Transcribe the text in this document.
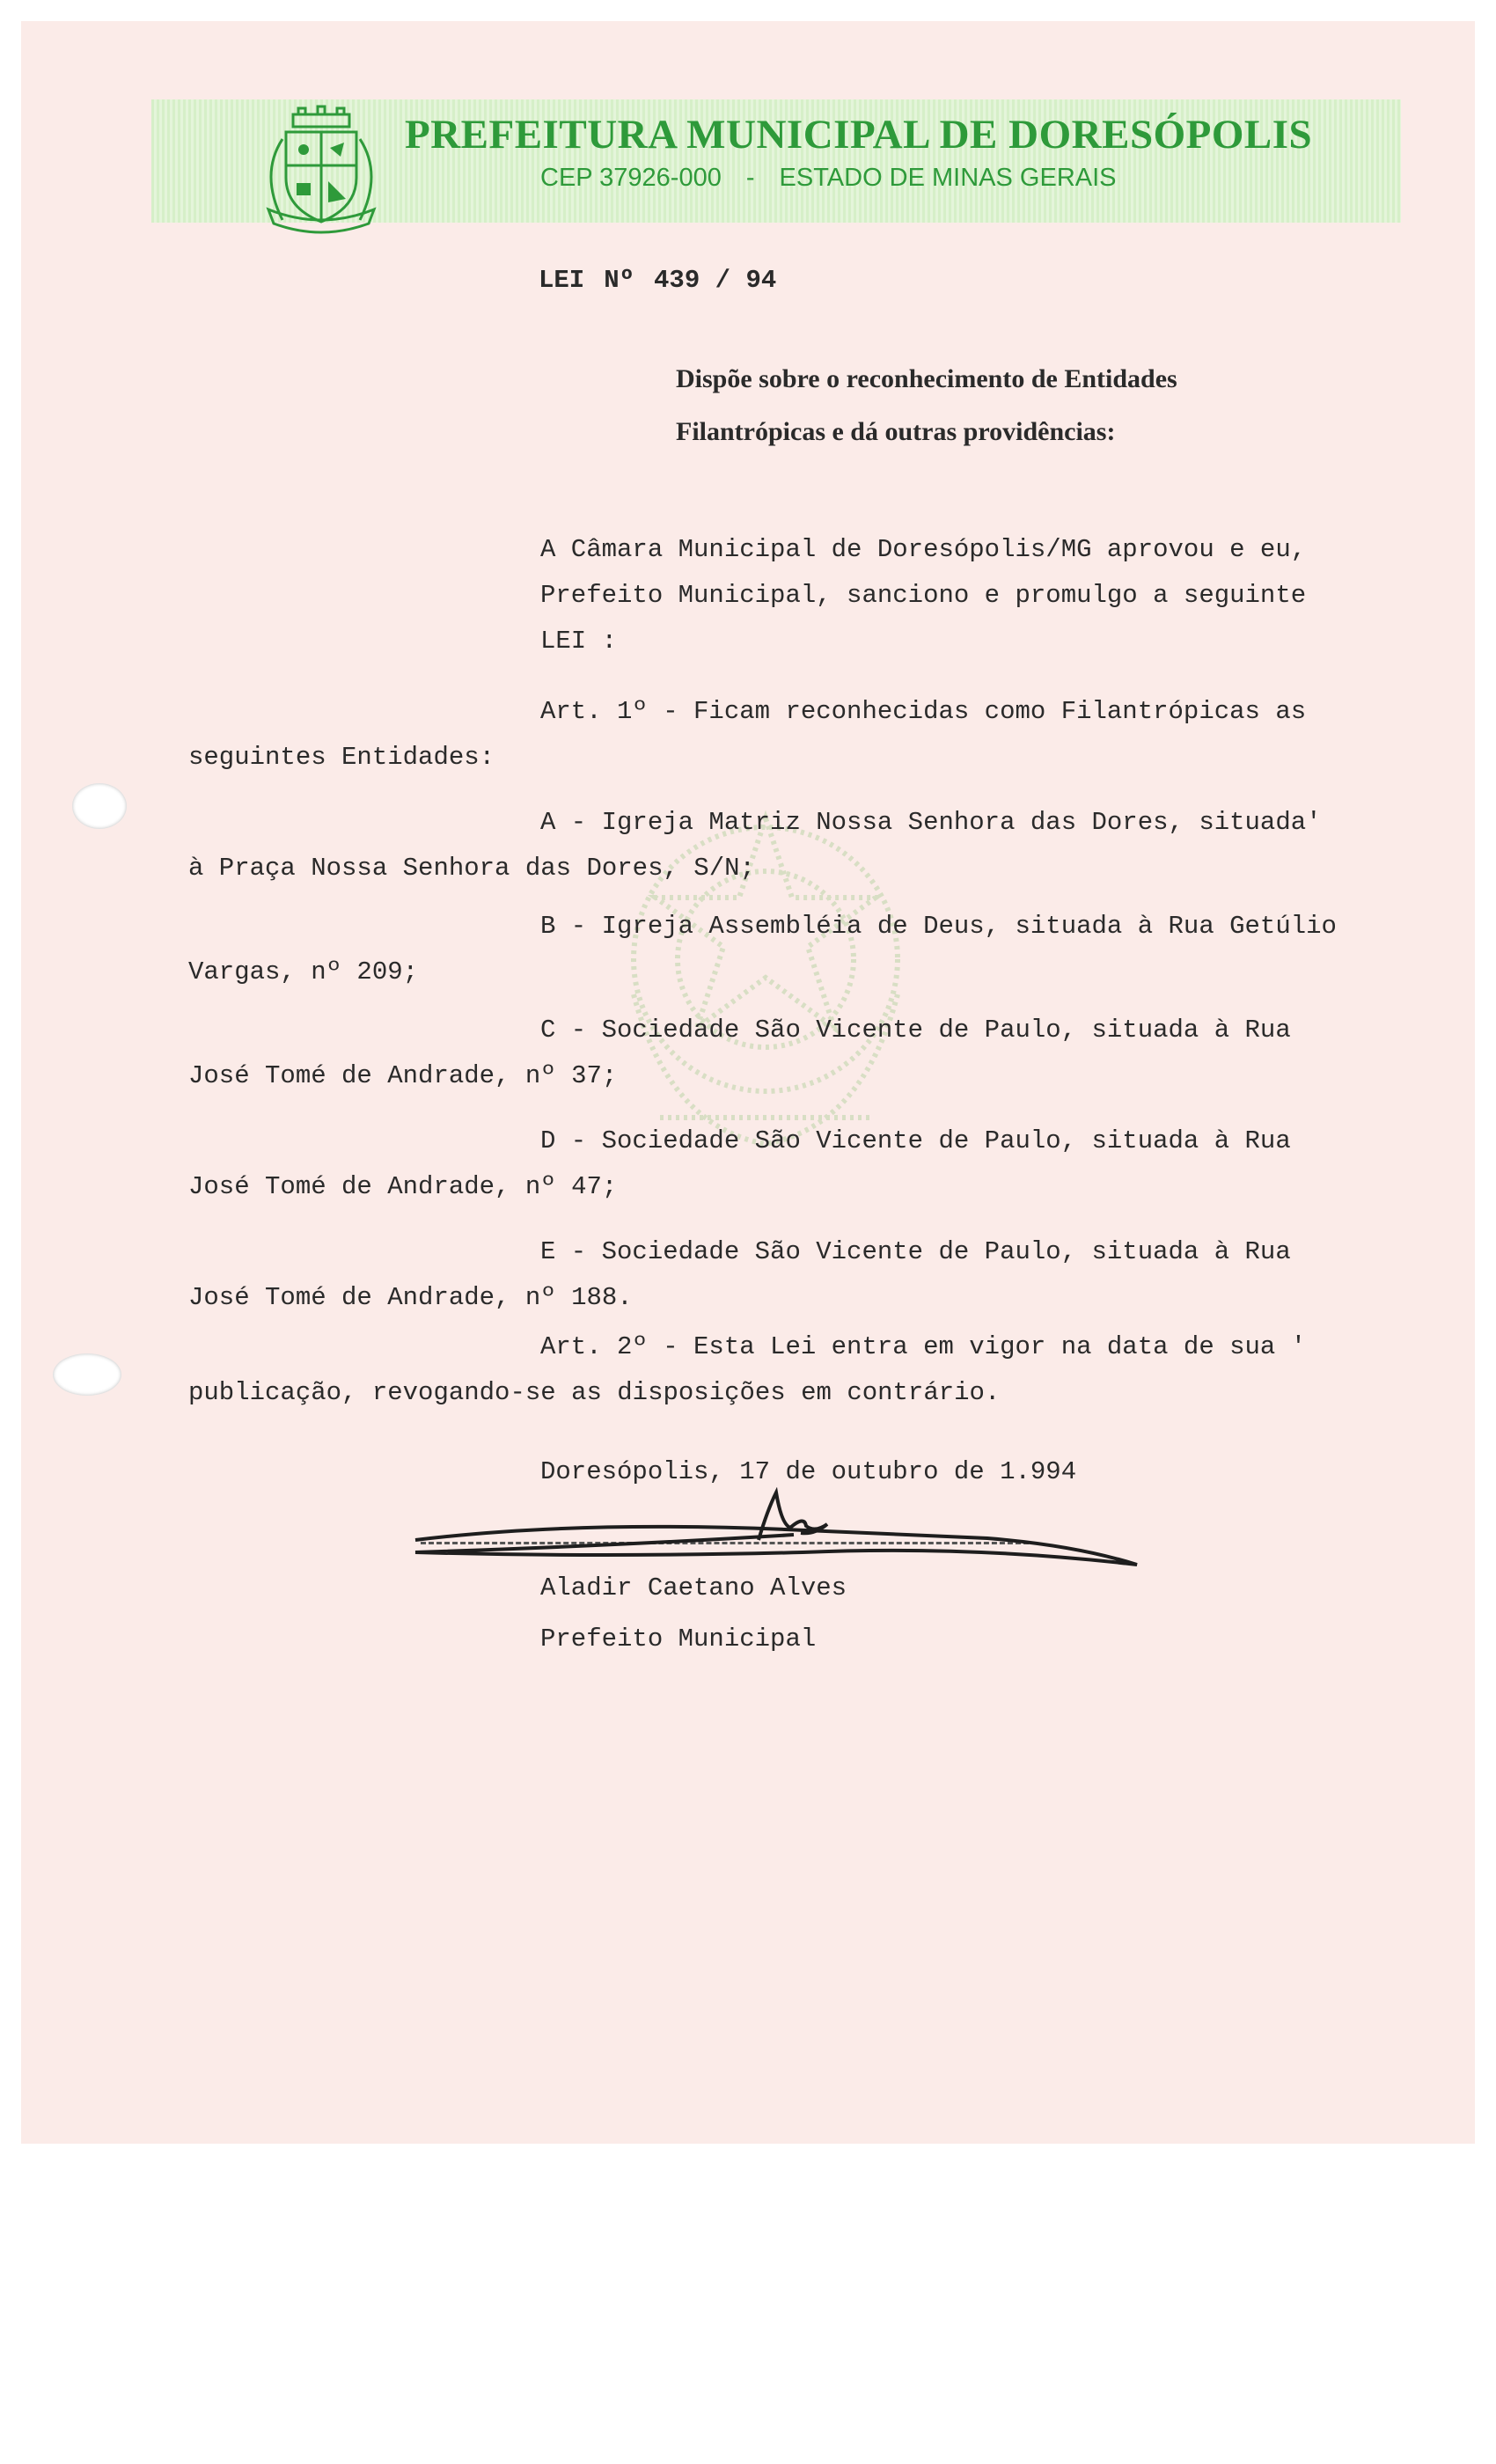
PREFEITURA MUNICIPAL DE DORESÓPOLIS
CEP 37926-000 - ESTADO DE MINAS GERAIS
LEI Nº 439 / 94
Dispõe sobre o reconhecimento de Entidades
Filantrópicas e dá outras providências:
A Câmara Municipal de Doresópolis/MG aprovou e eu,
Prefeito Municipal, sanciono e promulgo a seguinte
LEI :
Art. 1º - Ficam reconhecidas como Filantrópicas as
seguintes Entidades:
A - Igreja Matriz Nossa Senhora das Dores, situada'
à Praça Nossa Senhora das Dores, S/N;
B - Igreja Assembléia de Deus, situada à Rua Getúlio
Vargas, nº 209;
C - Sociedade São Vicente de Paulo, situada à Rua
José Tomé de Andrade, nº 37;
D - Sociedade São Vicente de Paulo, situada à Rua
José Tomé de Andrade, nº 47;
E - Sociedade São Vicente de Paulo, situada à Rua
José Tomé de Andrade, nº 188.
Art. 2º - Esta Lei entra em vigor na data de sua '
publicação, revogando-se as disposições em contrário.
Doresópolis, 17 de outubro de 1.994
Aladir Caetano Alves
Prefeito Municipal
